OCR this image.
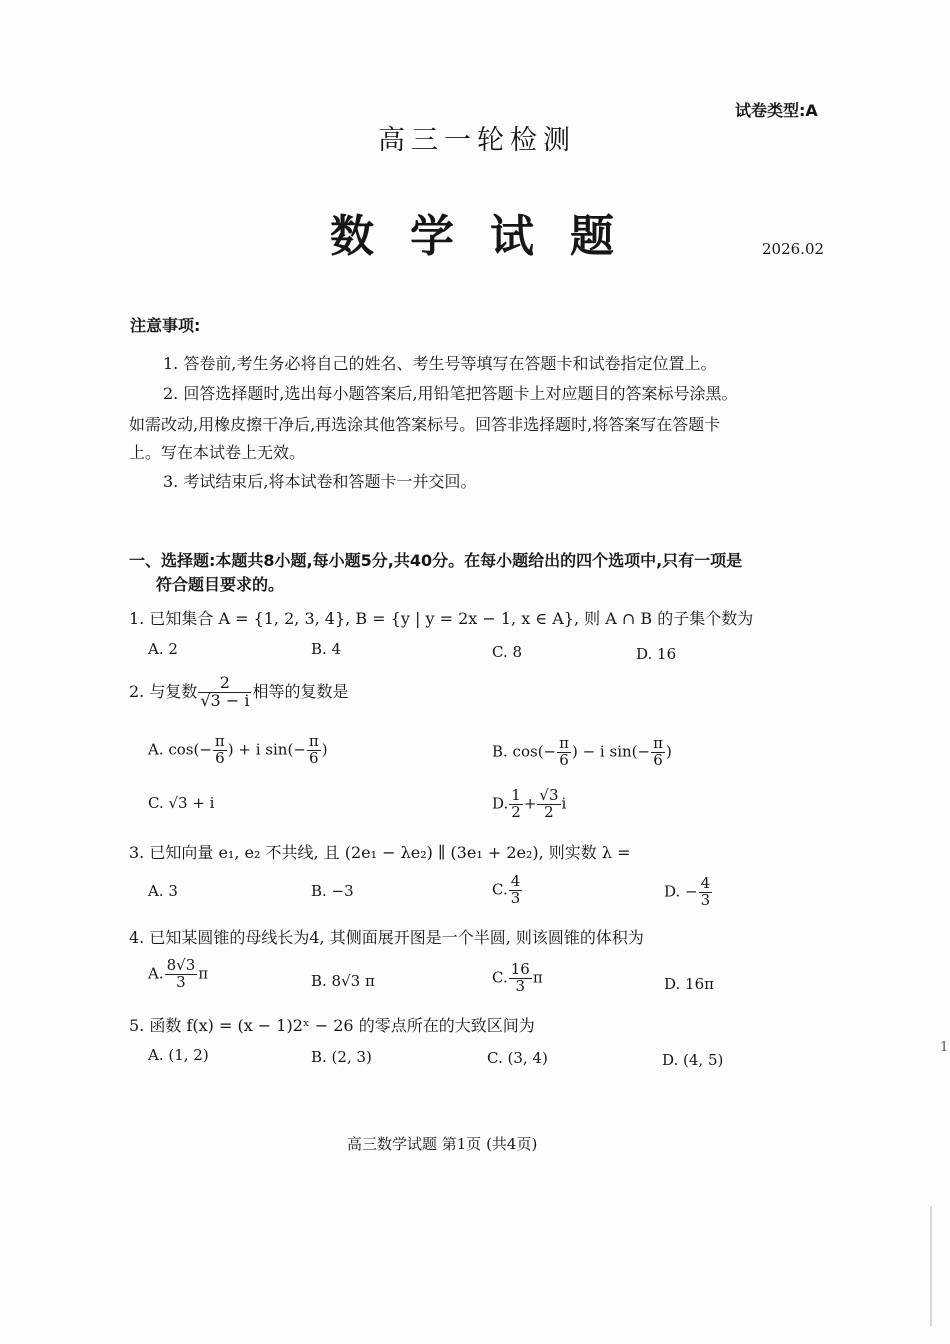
试卷类型:A
高三一轮检测
数学试题	2026.02
注意事项:
1. 答卷前,考生务必将自己的姓名、考生号等填写在答题卡和试卷指定位置上。
2. 回答选择题时,选出每小题答案后,用铅笔把答题卡上对应题目的答案标号涂黑。
如需改动,用橡皮擦干净后,再选涂其他答案标号。回答非选择题时,将答案写在答题卡
上。写在本试卷上无效。
3. 考试结束后,将本试卷和答题卡一并交回。
一、选择题:本题共8小题,每小题5分,共40分。在每小题给出的四个选项中,只有一项是
符合题目要求的。
1. 已知集合 A = {1, 2, 3, 4}, B = {y | y = 2x − 1, x ∈ A}, 则 A ∩ B 的子集个数为
A. 2	B. 4	C. 8	D. 16
2. 与复数 $\frac{2}{√3 - i}$ 相等的复数是
A. $\cos(- \frac{\pi}{6}$ ) + i $\sin(- \frac{\pi}{6}$ )	B. $\cos(- \frac{\pi}{6}$ ) − i $\sin(- \frac{\pi}{6}$ )
C. √3 + i	D. $\frac{1}{2} + \frac{√3}{2}$ i
3. 已知向量 e₁, e₂ 不共线, 且 (2e₁ − λe₂) ∥ (3e₁ + 2e₂), 则实数 λ =
A. 3	B. −3	C. $\frac{4}{3}$	D. − $\frac{4}{3}$
4. 已知某圆锥的母线长为4, 其侧面展开图是一个半圆, 则该圆锥的体积为
A. $\frac{8√3}{3}$ π	B. 8√3 π	C. $\frac{16}{3}$ π	D. 16π
5. 函数 f(x) = (x − 1)2ˣ − 26 的零点所在的大致区间为
A. (1, 2)	B. (2, 3)	C. (3, 4)	D. (4, 5)
高三数学试题 第1页 (共4页)
1
